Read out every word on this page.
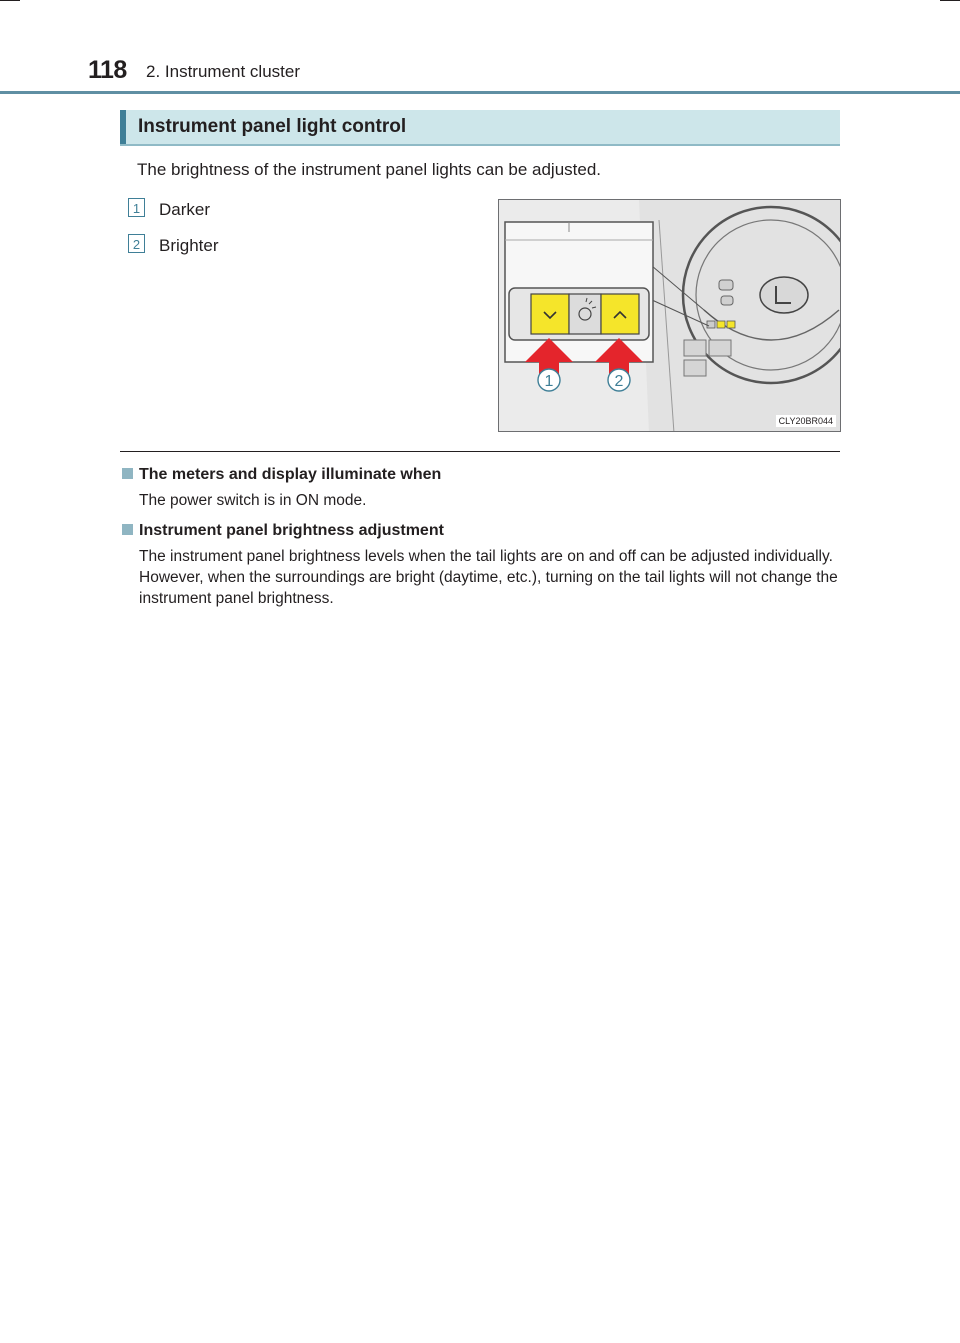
118 2. Instrument cluster
Instrument panel light control
The brightness of the instrument panel lights can be adjusted.
1 Darker
2 Brighter
1	2
CLY20BR044
The meters and display illuminate when
The power switch is in ON mode.
Instrument panel brightness adjustment
The instrument panel brightness levels when the tail lights are on and off can be adjusted individually. However, when the surroundings are bright (daytime, etc.), turning on the tail lights will not change the instrument panel brightness.
